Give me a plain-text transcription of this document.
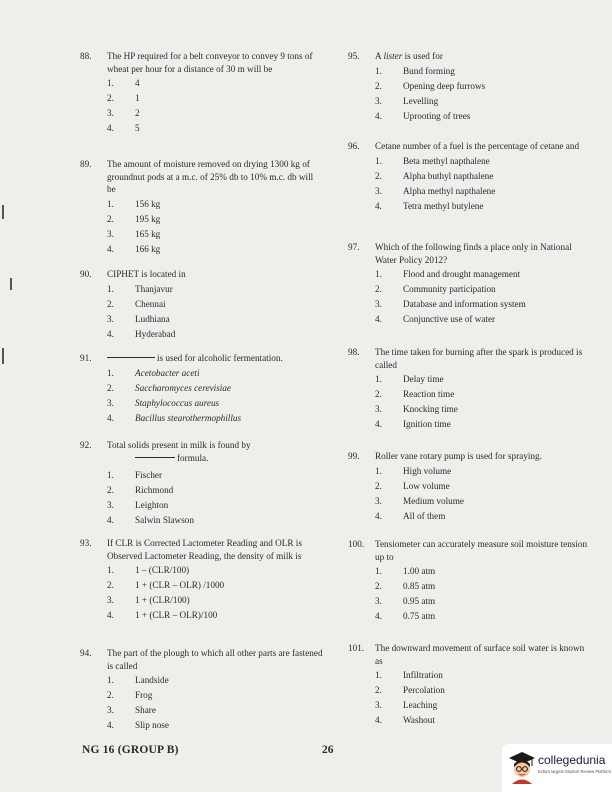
88. The HP required for a belt conveyor to convey 9 tons of wheat per hour for a distance of 30 m will be
1.	4
2.	1
3.	2
4.	5
89. The amount of moisture removed on drying 1300 kg of groundnut pods at a m.c. of 25% db to 10% m.c. db will be
1.	156 kg
2.	195 kg
3.	165 kg
4.	166 kg
90. CIPHET is located in
1.	Thanjavur
2.	Chennai
3.	Ludhiana
4.	Hyderabad
91.	is used for alcoholic fermentation.
1.	Acetobacter aceti
2.	Saccharomyces cerevisiae
3.	Staphylococcus aureus
4.	Bacillus stearothermophillus
92. Total solids present in milk is found by
formula.
1.	Fischer
2.	Richmond
3.	Leighton
4.	Salwin Slawson
93. If CLR is Corrected Lactometer Reading and OLR is Observed Lactometer Reading, the density of milk is
1.	1 – (CLR/100)
2.	1 + (CLR – OLR) /1000
3.	1 + (CLR/100)
4.	1 + (CLR – OLR)/100
94. The part of the plough to which all other parts are fastened is called
1.	Landside
2.	Frog
3.	Share
4.	Slip nose
95. A lister is used for
1.	Bund forming
2.	Opening deep furrows
3.	Levelling
4.	Uprooting of trees
96. Cetane number of a fuel is the percentage of cetane and
1.	Beta methyl napthalene
2.	Alpha buthyl napthalene
3.	Alpha methyl napthalene
4.	Tetra methyl butylene
97. Which of the following finds a place only in National Water Policy 2012?
1.	Flood and drought management
2.	Community participation
3.	Database and information system
4.	Conjunctive use of water
98. The time taken for burning after the spark is produced is called
1.	Delay time
2.	Reaction time
3.	Knocking time
4.	Ignition time
99. Roller vane rotary pump is used for spraying.
1.	High volume
2.	Low volume
3.	Medium volume
4.	All of them
100. Tensiometer can accurately measure soil moisture tension up to
1.	1.00 atm
2.	0.85 atm
3.	0.95 atm
4.	0.75 atm
101. The downward movement of surface soil water is known as
1.	Infiltration
2.	Percolation
3.	Leaching
4.	Washout
NG 16 (GROUP B)	26
collegedunia
India's largest Student Review Platform
